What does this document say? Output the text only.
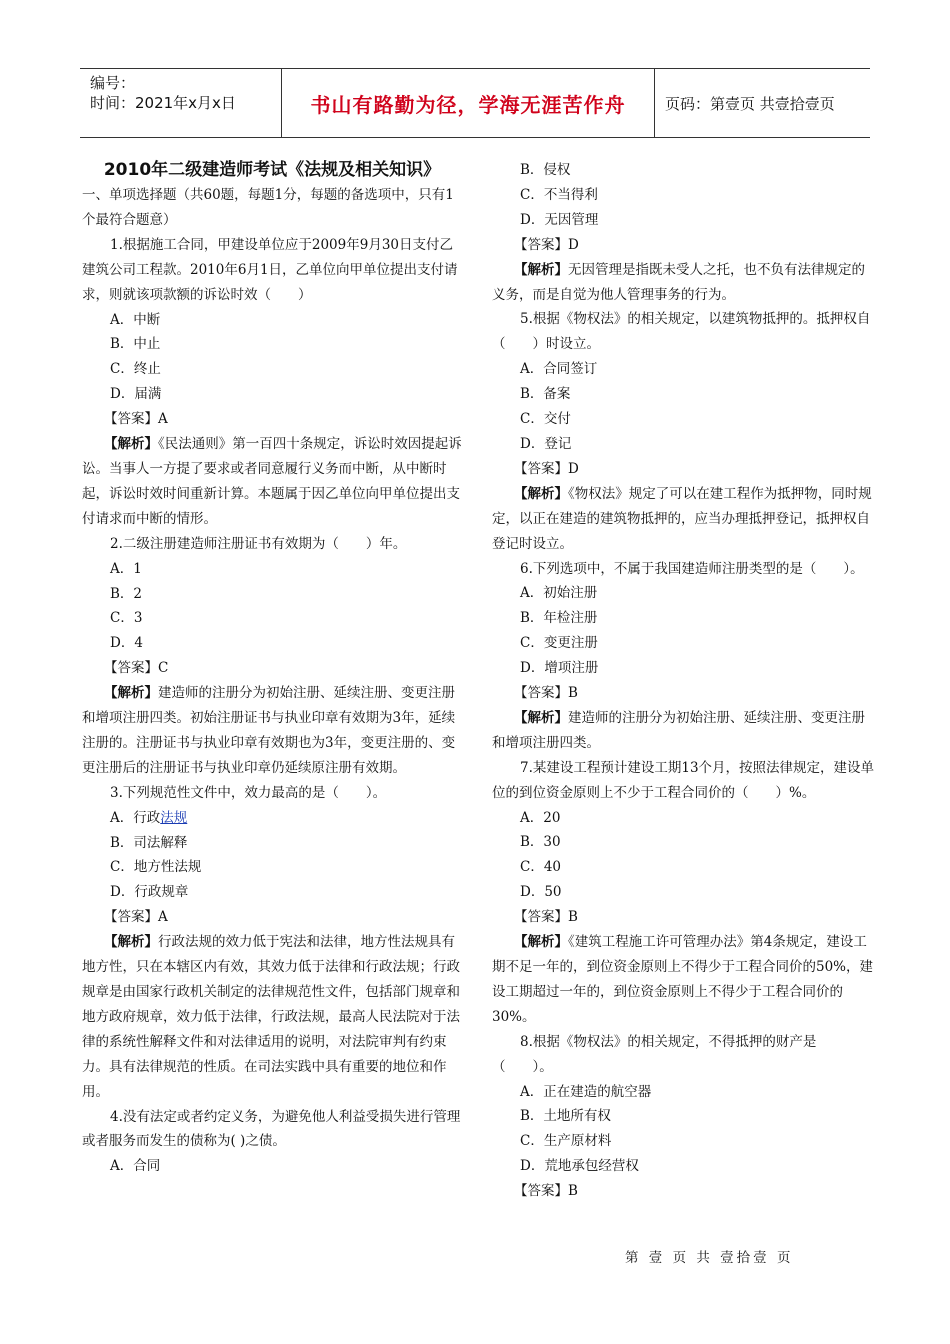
编号：
时间：2021年x月x日	书山有路勤为径，学海无涯苦作舟	页码：第壹页 共壹拾壹页
2010年二级建造师考试《法规及相关知识》

一、单项选择题（共60题，每题1分，每题的备选项中，只有1个最符合题意）

1.根据施工合同，甲建设单位应于2009年9月30日支付乙建筑公司工程款。2010年6月1日，乙单位向甲单位提出支付请求，则就该项款额的诉讼时效（　　）

A．中断
B．中止
C．终止
D．届满
【答案】A

【解析】《民法通则》第一百四十条规定，诉讼时效因提起诉讼。当事人一方提了要求或者同意履行义务而中断，从中断时起，诉讼时效时间重新计算。本题属于因乙单位向甲单位提出支付请求而中断的情形。

2.二级注册建造师注册证书有效期为（　　）年。

A．1
B．2
C．3
D．4
【答案】C

【解析】建造师的注册分为初始注册、延续注册、变更注册和增项注册四类。初始注册证书与执业印章有效期为3年，延续注册的。注册证书与执业印章有效期也为3年，变更注册的、变更注册后的注册证书与执业印章仍延续原注册有效期。

3.下列规范性文件中，效力最高的是（　　）。

A．行政法规
B．司法解释
C．地方性法规
D．行政规章
【答案】A

【解析】行政法规的效力低于宪法和法律，地方性法规具有地方性，只在本辖区内有效，其效力低于法律和行政法规；行政规章是由国家行政机关制定的法律规范性文件，包括部门规章和地方政府规章，效力低于法律，行政法规，最高人民法院对于法律的系统性解释文件和对法律适用的说明，对法院审判有约束力。具有法律规范的性质。在司法实践中具有重要的地位和作用。

4.没有法定或者约定义务，为避免他人利益受损失进行管理或者服务而发生的债称为( )之债。

A．合同
B．侵权
C．不当得利
D．无因管理
【答案】D

【解析】无因管理是指既未受人之托，也不负有法律规定的义务，而是自觉为他人管理事务的行为。

5.根据《物权法》的相关规定，以建筑物抵押的。抵押权自（　　）时设立。

A．合同签订
B．备案
C．交付
D．登记
【答案】D

【解析】《物权法》规定了可以在建工程作为抵押物，同时规定，以正在建造的建筑物抵押的，应当办理抵押登记，抵押权自登记时设立。

6.下列选项中，不属于我国建造师注册类型的是（　　）。

A．初始注册
B．年检注册
C．变更注册
D．增项注册
【答案】B

【解析】建造师的注册分为初始注册、延续注册、变更注册和增项注册四类。

7.某建设工程预计建设工期13个月，按照法律规定，建设单位的到位资金原则上不少于工程合同价的（　　）%。

A．20
B．30
C．40
D．50
【答案】B

【解析】《建筑工程施工许可管理办法》第4条规定，建设工期不足一年的，到位资金原则上不得少于工程合同价的50%，建设工期超过一年的，到位资金原则上不得少于工程合同价的30%。

8.根据《物权法》的相关规定，不得抵押的财产是（　　）。

A．正在建造的航空器
B．土地所有权
C．生产原材料
D．荒地承包经营权
【答案】B
第 壹 页 共 壹拾壹 页
